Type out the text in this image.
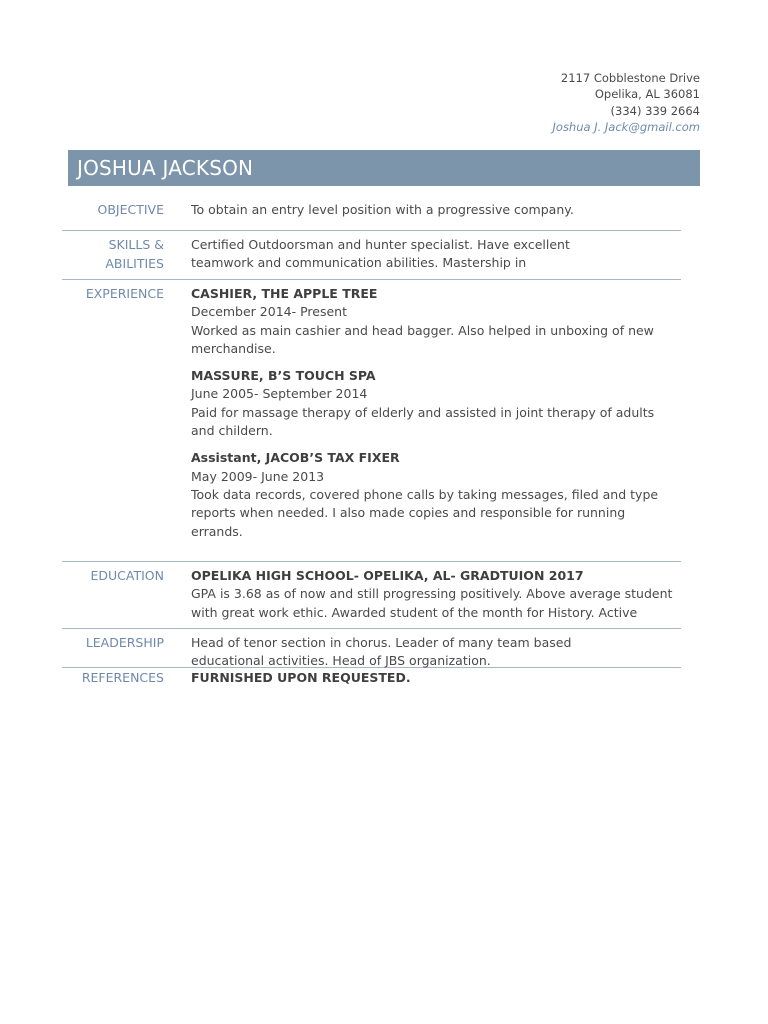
2117 Cobblestone Drive
Opelika, AL 36081
(334) 339 2664
Joshua J. Jack@gmail.com
JOSHUA JACKSON
OBJECTIVE To obtain an entry level position with a progressive company.

SKILLS &
ABILITIES

Certified Outdoorsman and hunter specialist. Have excellent

teamwork and communication abilities. Mastership in

EXPERIENCE CASHIER, THE APPLE TREE

December 2014- Present

Worked as main cashier and head bagger. Also helped in unboxing of new

merchandise.

MASSURE, B’S TOUCH SPA

June 2005- September 2014

Paid for massage therapy of elderly and assisted in joint therapy of adults

and childern.

Assistant, JACOB’S TAX FIXER

May 2009- June 2013

Took data records, covered phone calls by taking messages, filed and type

reports when needed. I also made copies and responsible for running

errands.

EDUCATION OPELIKA HIGH SCHOOL- OPELIKA, AL- GRADTUION 2017

GPA is 3.68 as of now and still progressing positively. Above average student

with great work ethic. Awarded student of the month for History. Active

LEADERSHIP Head of tenor section in chorus. Leader of many team based

educational activities. Head of JBS organization.

REFERENCES FURNISHED UPON REQUESTED.
